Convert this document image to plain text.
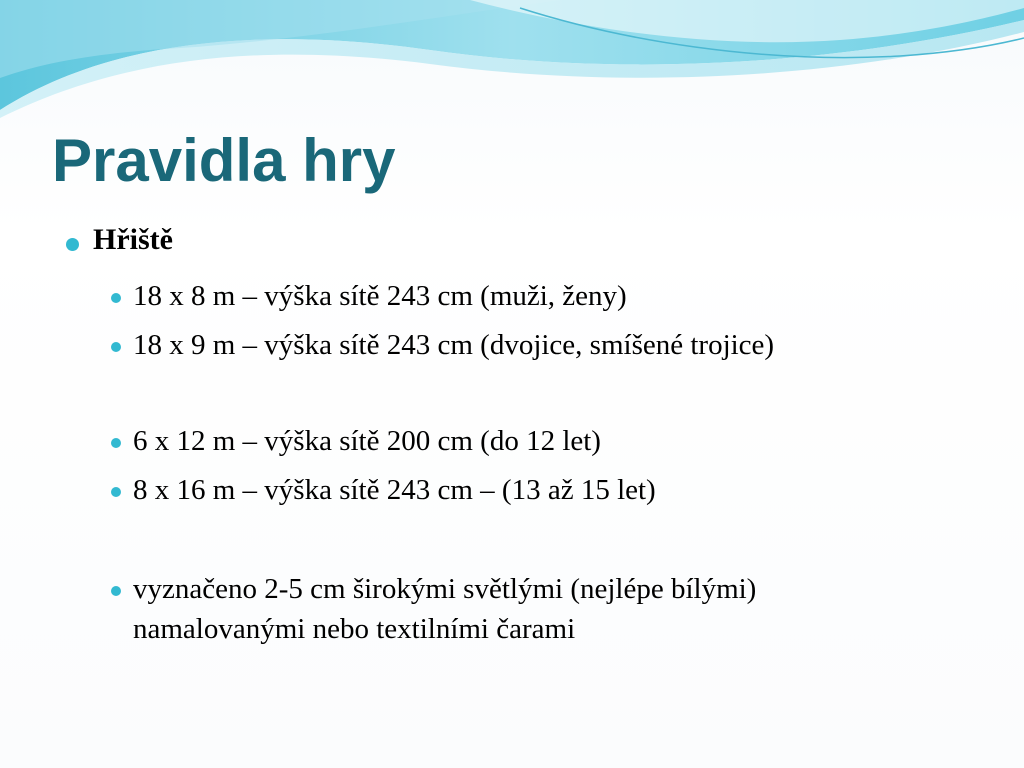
Pravidla hry

Hřiště

18 x 8 m – výška sítě 243 cm (muži, ženy)

18 x 9 m – výška sítě 243 cm (dvojice, smíšené trojice)

6 x 12 m – výška sítě 200 cm (do 12 let)

8 x 16 m – výška sítě 243 cm – (13 až 15 let)

vyznačeno 2-5 cm širokými světlými (nejlépe bílými) namalovanými nebo textilními čarami
